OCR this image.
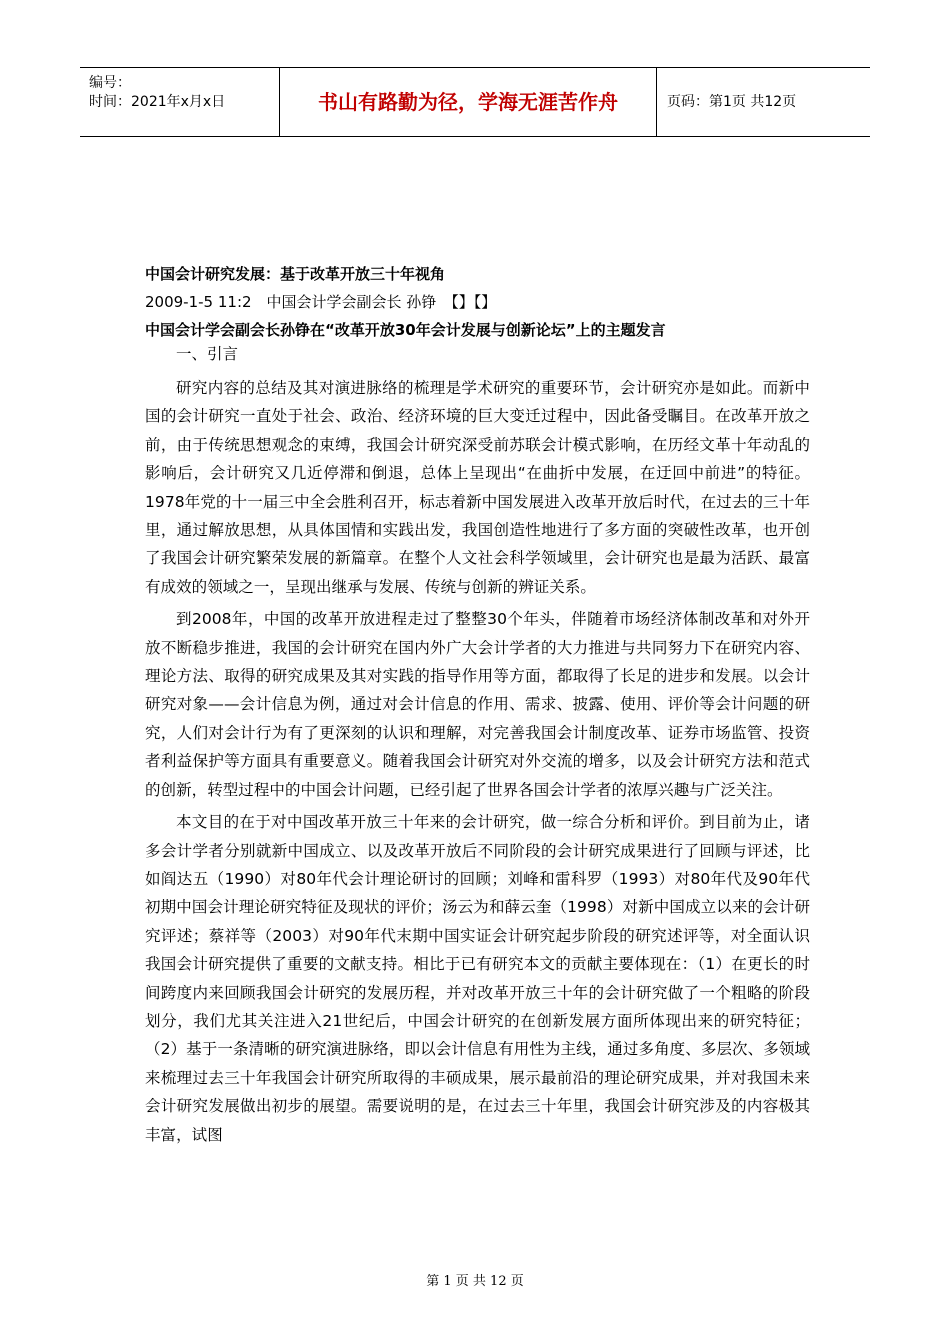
编号：
时间：2021年x月x日	书山有路勤为径，学海无涯苦作舟	页码：第1页 共12页
中国会计研究发展：基于改革开放三十年视角
2009-1-5 11:2　中国会计学会副会长 孙铮　【】【】
中国会计学会副会长孙铮在“改革开放30年会计发展与创新论坛”上的主题发言
一、引言

研究内容的总结及其对演进脉络的梳理是学术研究的重要环节，会计研究亦是如此。而新中国的会计研究一直处于社会、政治、经济环境的巨大变迁过程中，因此备受瞩目。在改革开放之前，由于传统思想观念的束缚，我国会计研究深受前苏联会计模式影响，在历经文革十年动乱的影响后，会计研究又几近停滞和倒退，总体上呈现出“在曲折中发展，在迂回中前进”的特征。1978年党的十一届三中全会胜利召开，标志着新中国发展进入改革开放后时代，在过去的三十年里，通过解放思想，从具体国情和实践出发，我国创造性地进行了多方面的突破性改革，也开创了我国会计研究繁荣发展的新篇章。在整个人文社会科学领域里，会计研究也是最为活跃、最富有成效的领域之一，呈现出继承与发展、传统与创新的辨证关系。

到2008年，中国的改革开放进程走过了整整30个年头，伴随着市场经济体制改革和对外开放不断稳步推进，我国的会计研究在国内外广大会计学者的大力推进与共同努力下在研究内容、理论方法、取得的研究成果及其对实践的指导作用等方面，都取得了长足的进步和发展。以会计研究对象——会计信息为例，通过对会计信息的作用、需求、披露、使用、评价等会计问题的研究，人们对会计行为有了更深刻的认识和理解，对完善我国会计制度改革、证券市场监管、投资者利益保护等方面具有重要意义。随着我国会计研究对外交流的增多，以及会计研究方法和范式的创新，转型过程中的中国会计问题，已经引起了世界各国会计学者的浓厚兴趣与广泛关注。

本文目的在于对中国改革开放三十年来的会计研究，做一综合分析和评价。到目前为止，诸多会计学者分别就新中国成立、以及改革开放后不同阶段的会计研究成果进行了回顾与评述，比如阎达五（1990）对80年代会计理论研讨的回顾；刘峰和雷科罗（1993）对80年代及90年代初期中国会计理论研究特征及现状的评价；汤云为和薛云奎（1998）对新中国成立以来的会计研究评述；蔡祥等（2003）对90年代末期中国实证会计研究起步阶段的研究述评等，对全面认识我国会计研究提供了重要的文献支持。相比于已有研究本文的贡献主要体现在：（1）在更长的时间跨度内来回顾我国会计研究的发展历程，并对改革开放三十年的会计研究做了一个粗略的阶段划分，我们尤其关注进入21世纪后，中国会计研究的在创新发展方面所体现出来的研究特征；（2）基于一条清晰的研究演进脉络，即以会计信息有用性为主线，通过多角度、多层次、多领域来梳理过去三十年我国会计研究所取得的丰硕成果，展示最前沿的理论研究成果，并对我国未来会计研究发展做出初步的展望。需要说明的是，在过去三十年里，我国会计研究涉及的内容极其丰富，试图

第 1 页 共 12 页
